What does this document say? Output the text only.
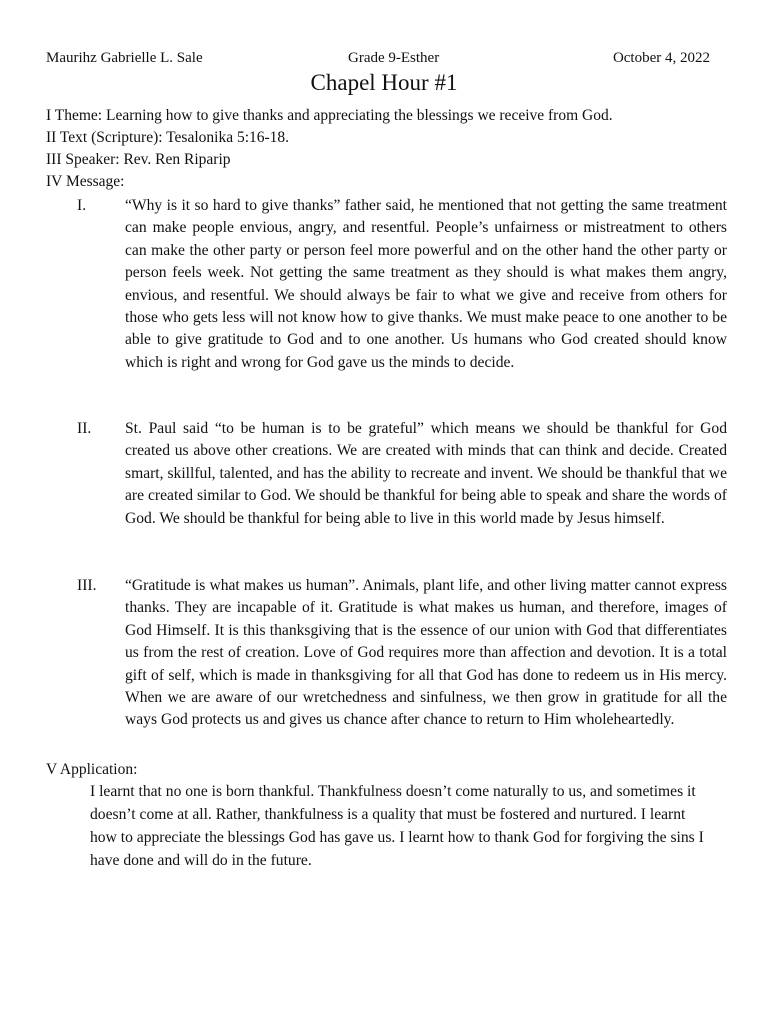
Maurihz Gabrielle L. Sale	Grade 9-Esther	October 4, 2022
Chapel Hour #1
I Theme: Learning how to give thanks and appreciating the blessings we receive from God.
II Text (Scripture): Tesalonika 5:16-18.
III Speaker: Rev. Ren Riparip
IV Message:
I. “Why is it so hard to give thanks” father said, he mentioned that not getting the same treatment can make people envious, angry, and resentful. People’s unfairness or mistreatment to others can make the other party or person feel more powerful and on the other hand the other party or person feels week. Not getting the same treatment as they should is what makes them angry, envious, and resentful. We should always be fair to what we give and receive from others for those who gets less will not know how to give thanks. We must make peace to one another to be able to give gratitude to God and to one another. Us humans who God created should know which is right and wrong for God gave us the minds to decide.
II. St. Paul said “to be human is to be grateful” which means we should be thankful for God created us above other creations. We are created with minds that can think and decide. Created smart, skillful, talented, and has the ability to recreate and invent. We should be thankful that we are created similar to God. We should be thankful for being able to speak and share the words of God. We should be thankful for being able to live in this world made by Jesus himself.
III. “Gratitude is what makes us human”. Animals, plant life, and other living matter cannot express thanks. They are incapable of it. Gratitude is what makes us human, and therefore, images of God Himself. It is this thanksgiving that is the essence of our union with God that differentiates us from the rest of creation. Love of God requires more than affection and devotion. It is a total gift of self, which is made in thanksgiving for all that God has done to redeem us in His mercy. When we are aware of our wretchedness and sinfulness, we then grow in gratitude for all the ways God protects us and gives us chance after chance to return to Him wholeheartedly.
V Application:
I learnt that no one is born thankful. Thankfulness doesn’t come naturally to us, and sometimes it doesn’t come at all. Rather, thankfulness is a quality that must be fostered and nurtured. I learnt how to appreciate the blessings God has gave us. I learnt how to thank God for forgiving the sins I have done and will do in the future.
